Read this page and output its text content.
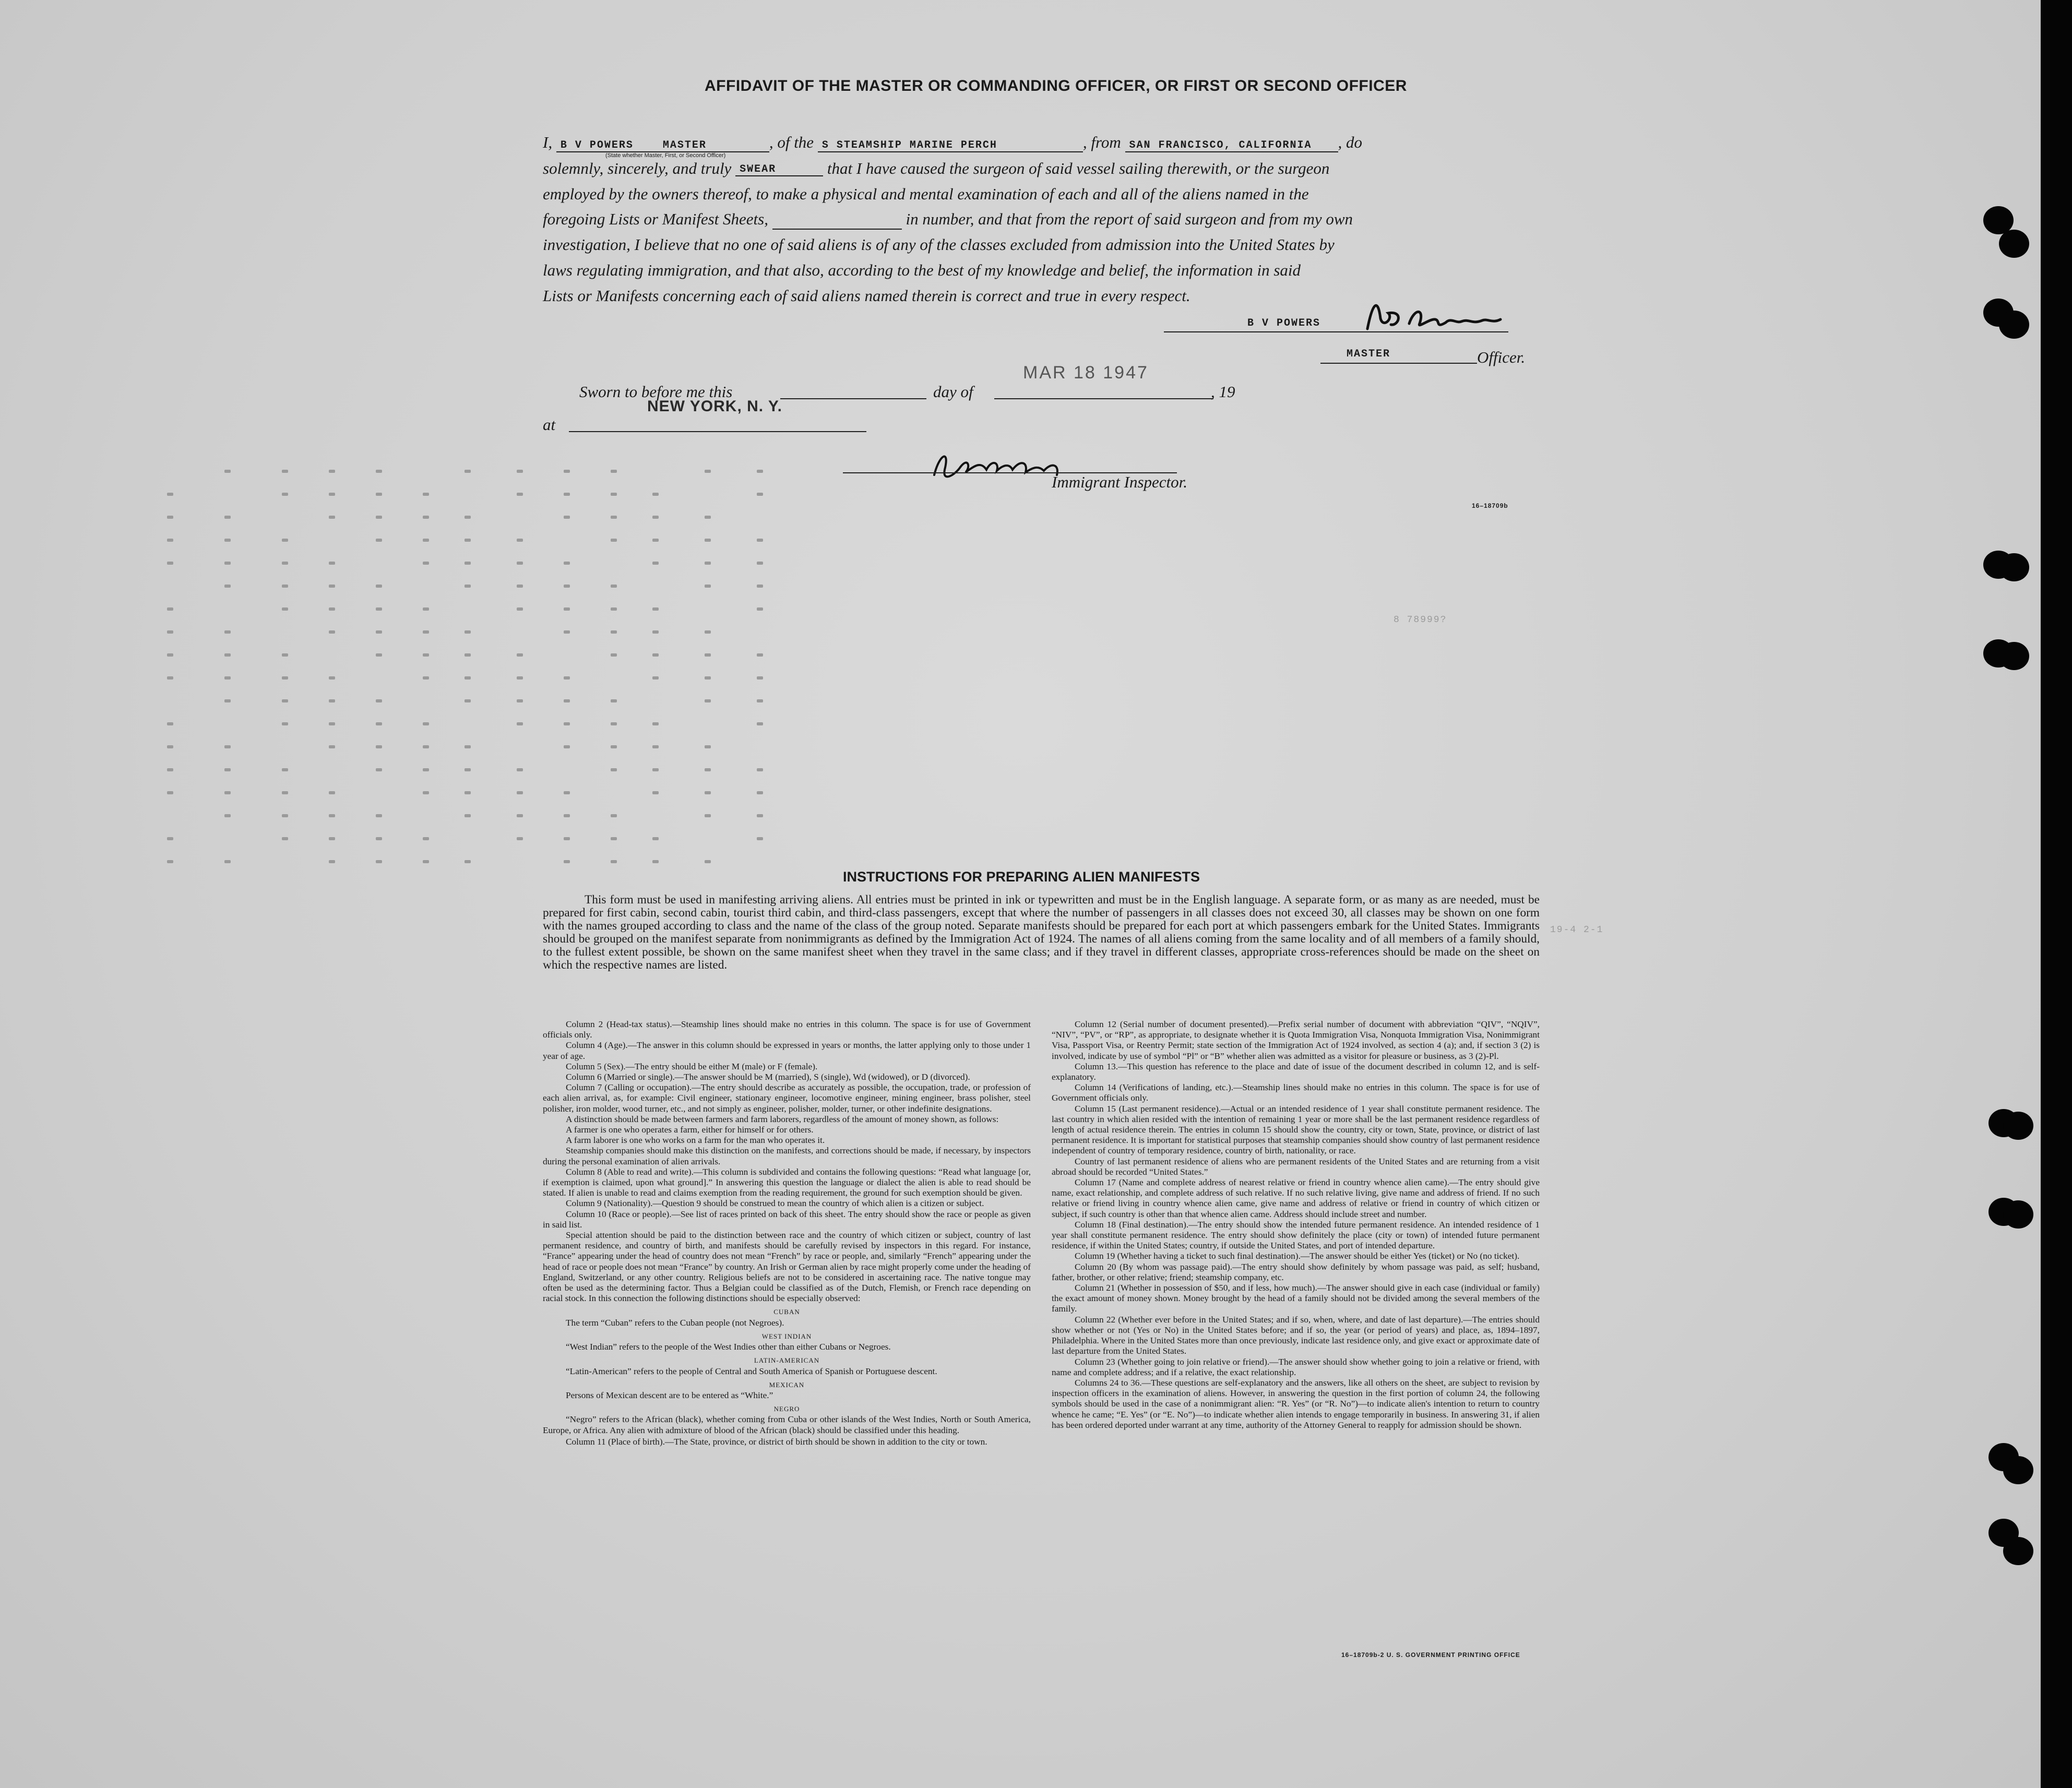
AFFIDAVIT OF THE MASTER OR COMMANDING OFFICER, OR FIRST OR SECOND OFFICER
I, B V POWERS	MASTER	, of the S STEAMSHIP MARINE PERCH	, from SAN FRANCISCO, CALIFORNIA , do
(State whether Master, First, or Second Officer)
solemnly, sincerely, and truly SWEAR	that I have caused the surgeon of said vessel sailing therewith, or the surgeon
employed by the owners thereof, to make a physical and mental examination of each and all of the aliens named in the
foregoing Lists or Manifest Sheets,	in number, and that from the report of said surgeon and from my own
investigation, I believe that no one of said aliens is of any of the classes excluded from admission into the United States by
laws regulating immigration, and that also, according to the best of my knowledge and belief, the information in said
Lists or Manifests concerning each of said aliens named therein is correct and true in every respect.
B V POWERS
MASTER	Officer.
Sworn to before me this	day of
MAR 18 1947
, 19
NEW YORK, N. Y.
at
Immigrant Inspector.
16–18709b
8 78999?
19-4 2-1
INSTRUCTIONS FOR PREPARING ALIEN MANIFESTS
This form must be used in manifesting arriving aliens. All entries must be printed in ink or typewritten and must be in the English language. A separate form, or as many as are needed, must be prepared for first cabin, second cabin, tourist third cabin, and third-class passengers, except that where the number of passengers in all classes does not exceed 30, all classes may be shown on one form with the names grouped according to class and the name of the class of the group noted. Separate manifests should be prepared for each port at which passengers embark for the United States. Immigrants should be grouped on the manifest separate from nonimmigrants as defined by the Immigration Act of 1924. The names of all aliens coming from the same locality and of all members of a family should, to the fullest extent possible, be shown on the same manifest sheet when they travel in the same class; and if they travel in different classes, appropriate cross-references should be made on the sheet on which the respective names are listed.

Column 2 (Head-tax status).—Steamship lines should make no entries in this column. The space is for use of Government officials only.

Column 4 (Age).—The answer in this column should be expressed in years or months, the latter applying only to those under 1 year of age.

Column 5 (Sex).—The entry should be either M (male) or F (female).

Column 6 (Married or single).—The answer should be M (married), S (single), Wd (widowed), or D (divorced).

Column 7 (Calling or occupation).—The entry should describe as accurately as possible, the occupation, trade, or profession of each alien arrival, as, for example: Civil engineer, stationary engineer, locomotive engineer, mining engineer, brass polisher, steel polisher, iron molder, wood turner, etc., and not simply as engineer, polisher, molder, turner, or other indefinite designations.

A distinction should be made between farmers and farm laborers, regardless of the amount of money shown, as follows:

A farmer is one who operates a farm, either for himself or for others.

A farm laborer is one who works on a farm for the man who operates it.

Steamship companies should make this distinction on the manifests, and corrections should be made, if necessary, by inspectors during the personal examination of alien arrivals.

Column 8 (Able to read and write).—This column is subdivided and contains the following questions: “Read what language [or, if exemption is claimed, upon what ground].” In answering this question the language or dialect the alien is able to read should be stated. If alien is unable to read and claims exemption from the reading requirement, the ground for such exemption should be given.

Column 9 (Nationality).—Question 9 should be construed to mean the country of which alien is a citizen or subject.

Column 10 (Race or people).—See list of races printed on back of this sheet. The entry should show the race or people as given in said list.

Special attention should be paid to the distinction between race and the country of which citizen or subject, country of last permanent residence, and country of birth, and manifests should be carefully revised by inspectors in this regard. For instance, “France” appearing under the head of country does not mean “French” by race or people, and, similarly “French” appearing under the head of race or people does not mean “France” by country. An Irish or German alien by race might properly come under the heading of England, Switzerland, or any other country. Religious beliefs are not to be considered in ascertaining race. The native tongue may often be used as the determining factor. Thus a Belgian could be classified as of the Dutch, Flemish, or French race depending on racial stock. In this connection the following distinctions should be especially observed:

CUBAN

The term “Cuban” refers to the Cuban people (not Negroes).

WEST INDIAN

“West Indian” refers to the people of the West Indies other than either Cubans or Negroes.

LATIN-AMERICAN

“Latin-American” refers to the people of Central and South America of Spanish or Portuguese descent.

MEXICAN

Persons of Mexican descent are to be entered as “White.”

NEGRO

“Negro” refers to the African (black), whether coming from Cuba or other islands of the West Indies, North or South America, Europe, or Africa. Any alien with admixture of blood of the African (black) should be classified under this heading.

Column 11 (Place of birth).—The State, province, or district of birth should be shown in addition to the city or town.

Column 12 (Serial number of document presented).—Prefix serial number of document with abbreviation “QIV”, “NQIV”, “NIV”, “PV”, or “RP”, as appropriate, to designate whether it is Quota Immigration Visa, Nonquota Immigration Visa, Nonimmigrant Visa, Passport Visa, or Reentry Permit; state section of the Immigration Act of 1924 involved, as section 4 (a); and, if section 3 (2) is involved, indicate by use of symbol “Pl” or “B” whether alien was admitted as a visitor for pleasure or business, as 3 (2)-Pl.

Column 13.—This question has reference to the place and date of issue of the document described in column 12, and is self-explanatory.

Column 14 (Verifications of landing, etc.).—Steamship lines should make no entries in this column. The space is for use of Government officials only.

Column 15 (Last permanent residence).—Actual or an intended residence of 1 year shall constitute permanent residence. The last country in which alien resided with the intention of remaining 1 year or more shall be the last permanent residence regardless of length of actual residence therein. The entries in column 15 should show the country, city or town, State, province, or district of last permanent residence. It is important for statistical purposes that steamship companies should show country of last permanent residence independent of country of temporary residence, country of birth, nationality, or race.

Country of last permanent residence of aliens who are permanent residents of the United States and are returning from a visit abroad should be recorded “United States.”

Column 17 (Name and complete address of nearest relative or friend in country whence alien came).—The entry should give name, exact relationship, and complete address of such relative. If no such relative living, give name and address of friend. If no such relative or friend living in country whence alien came, give name and address of relative or friend in country of which citizen or subject, if such country is other than that whence alien came. Address should include street and number.

Column 18 (Final destination).—The entry should show the intended future permanent residence. An intended residence of 1 year shall constitute permanent residence. The entry should show definitely the place (city or town) of intended future permanent residence, if within the United States; country, if outside the United States, and port of intended departure.

Column 19 (Whether having a ticket to such final destination).—The answer should be either Yes (ticket) or No (no ticket).

Column 20 (By whom was passage paid).—The entry should show definitely by whom passage was paid, as self; husband, father, brother, or other relative; friend; steamship company, etc.

Column 21 (Whether in possession of $50, and if less, how much).—The answer should give in each case (individual or family) the exact amount of money shown. Money brought by the head of a family should not be divided among the several members of the family.

Column 22 (Whether ever before in the United States; and if so, when, where, and date of last departure).—The entries should show whether or not (Yes or No) in the United States before; and if so, the year (or period of years) and place, as, 1894–1897, Philadelphia. Where in the United States more than once previously, indicate last residence only, and give exact or approximate date of last departure from the United States.

Column 23 (Whether going to join relative or friend).—The answer should show whether going to join a relative or friend, with name and complete address; and if a relative, the exact relationship.

Columns 24 to 36.—These questions are self-explanatory and the answers, like all others on the sheet, are subject to revision by inspection officers in the examination of aliens. However, in answering the question in the first portion of column 24, the following symbols should be used in the case of a nonimmigrant alien: “R. Yes” (or “R. No”)—to indicate alien's intention to return to country whence he came; “E. Yes” (or “E. No”)—to indicate whether alien intends to engage temporarily in business. In answering 31, if alien has been ordered deported under warrant at any time, authority of the Attorney General to reapply for admission should be shown.

16–18709b-2 U. S. GOVERNMENT PRINTING OFFICE
